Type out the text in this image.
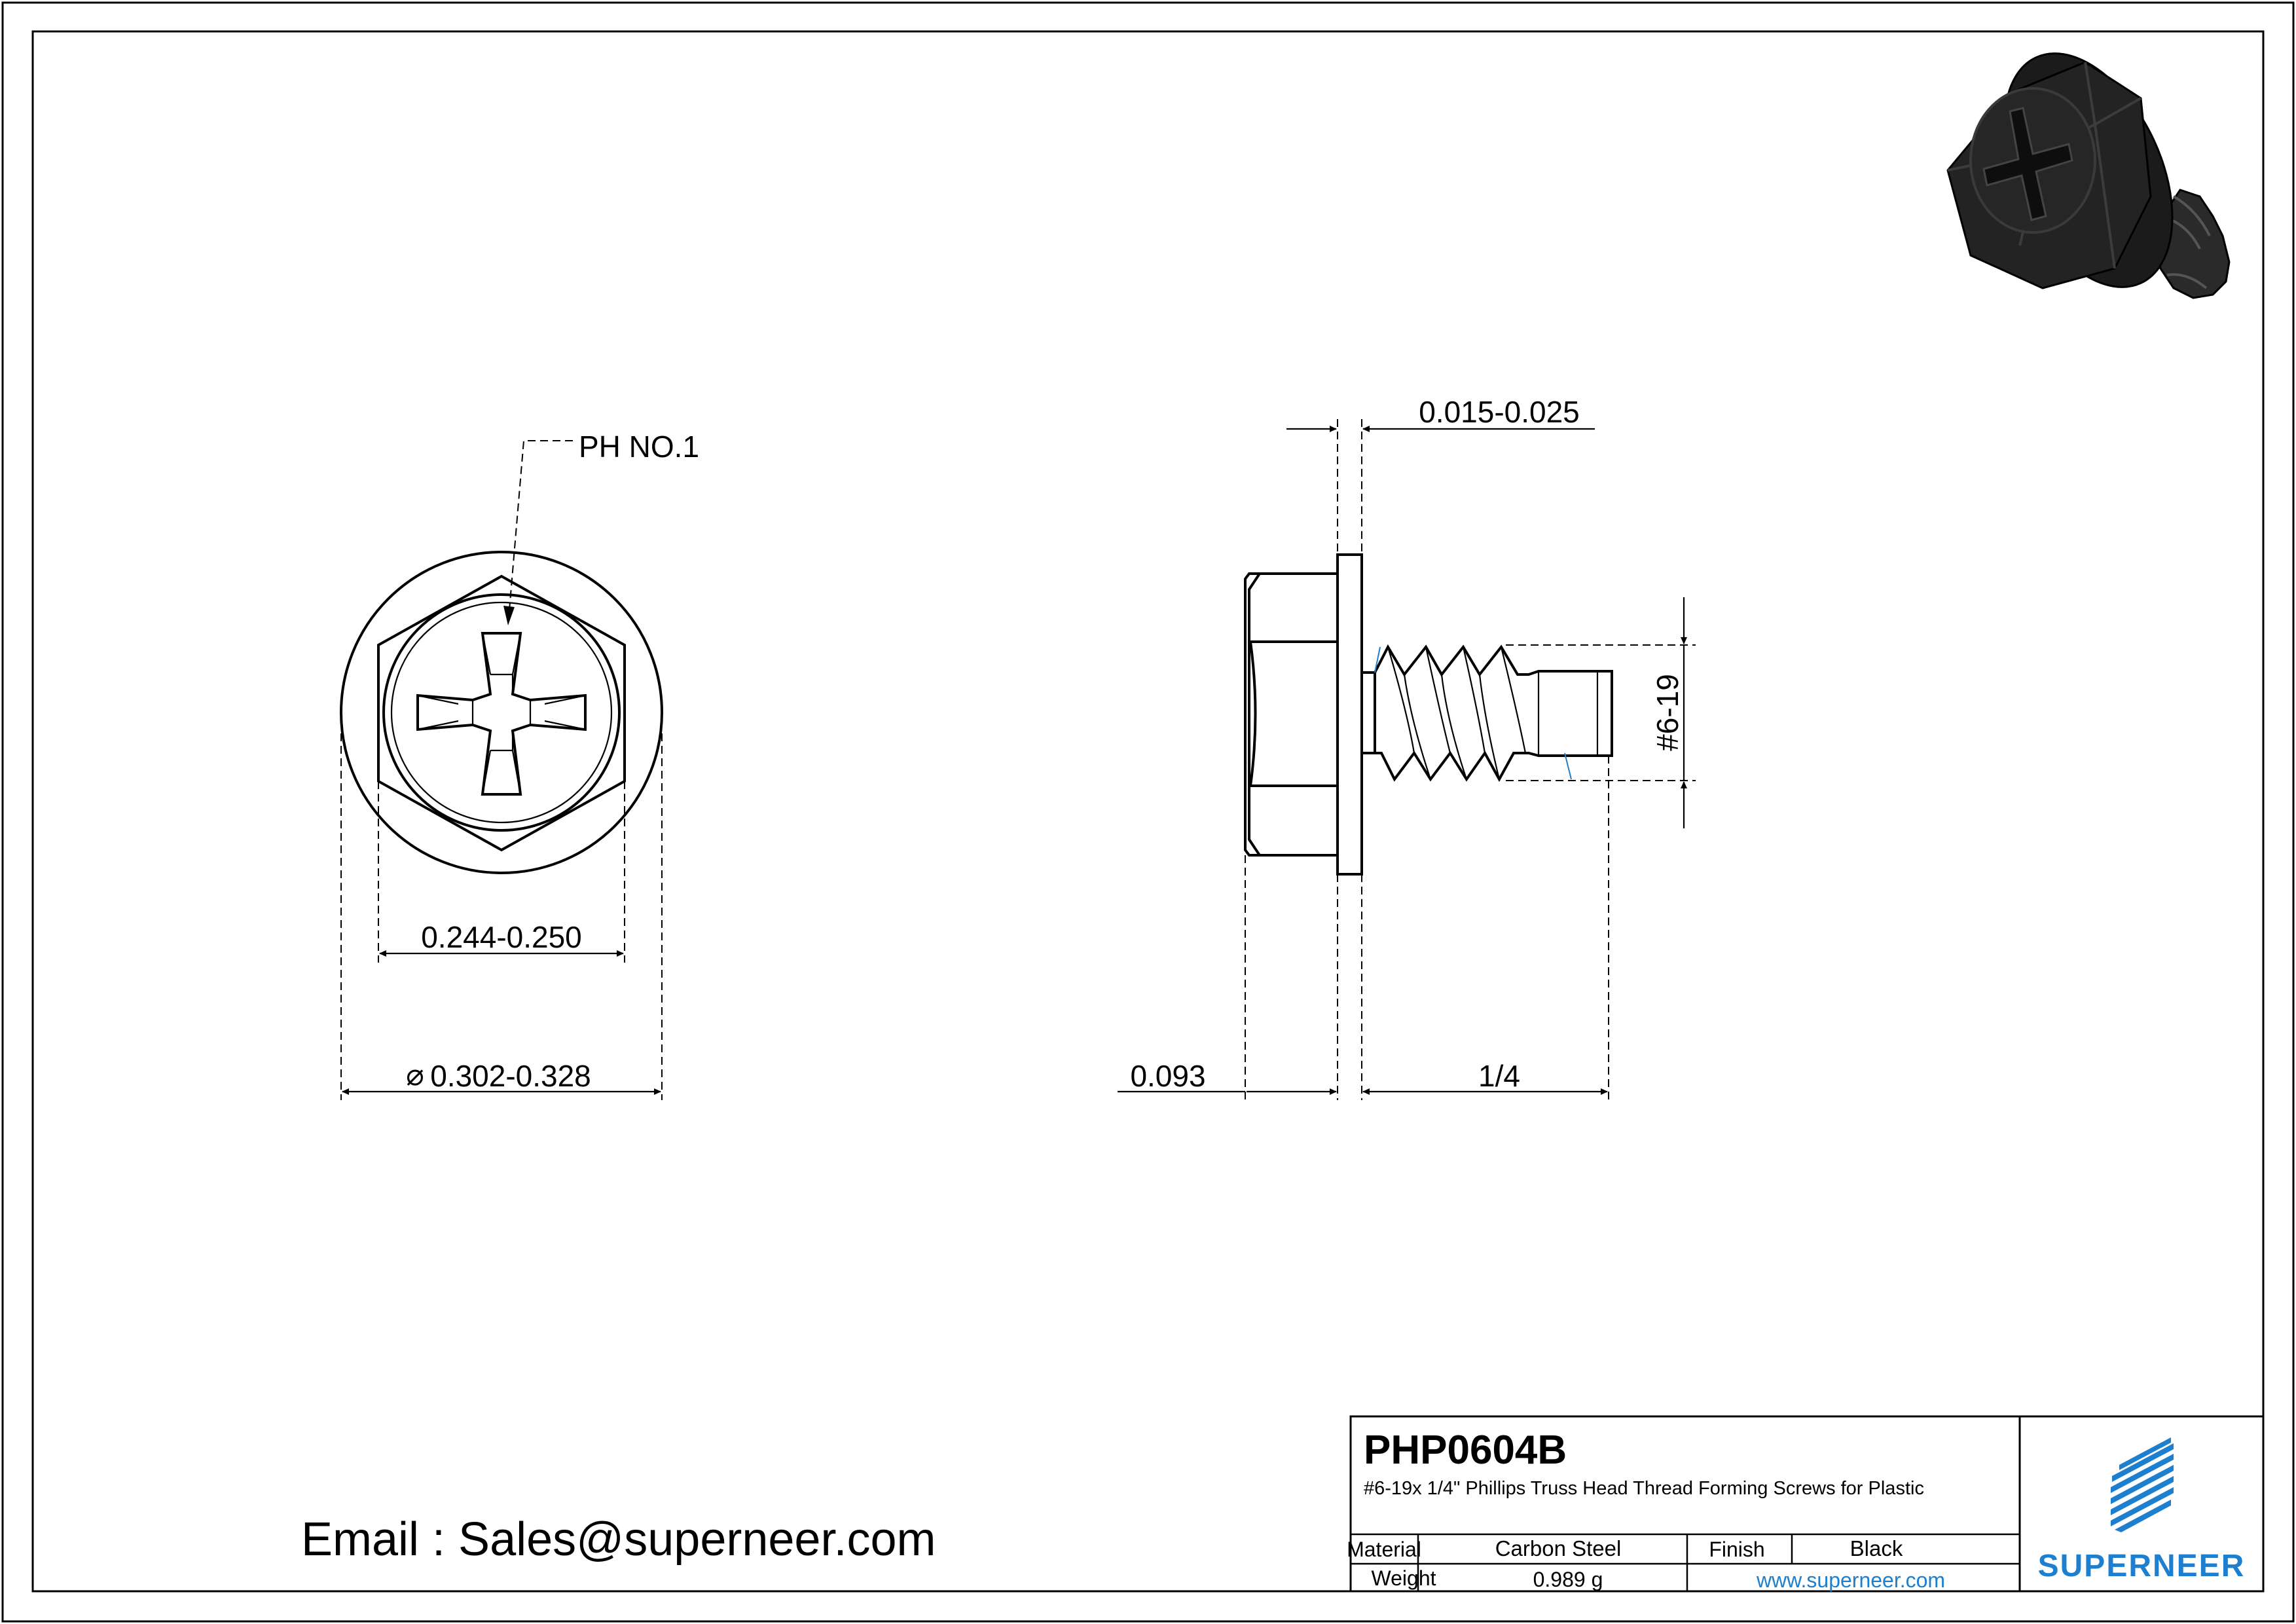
PH NO.1
0.244-0.250
⌀ 0.302-0.328
0.015-0.025
#6-19
0.093	1/4
Email : Sales@superneer.com
PHP0604B
#6-19x 1/4" Phillips Truss Head Thread Forming Screws for Plastic
Material	Carbon Steel	Finish	Black
Weight	0.989 g	www.superneer.com	SUPERNEER
